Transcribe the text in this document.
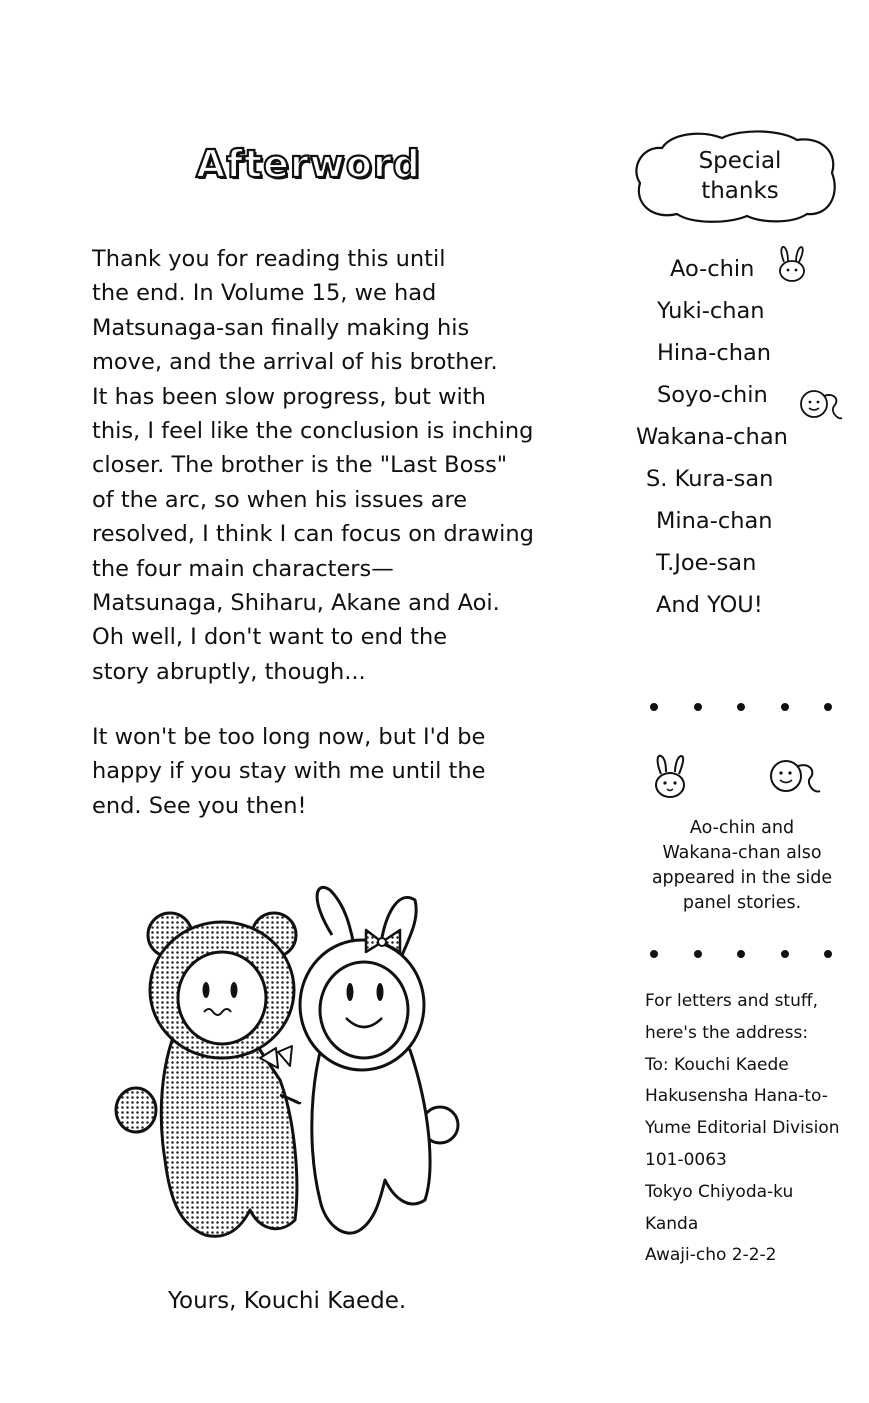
Afterword

Thank you for reading this until
the end. In Volume 15, we had
Matsunaga-san finally making his
move, and the arrival of his brother.
It has been slow progress, but with
this, I feel like the conclusion is inching
closer. The brother is the "Last Boss"
of the arc, so when his issues are
resolved, I think I can focus on drawing
the four main characters—
Matsunaga, Shiharu, Akane and Aoi.
Oh well, I don't want to end the
story abruptly, though...

It won't be too long now, but I'd be
happy if you stay with me until the
end. See you then!

Yours, Kouchi Kaede.
Special
thanks
Ao-chin
Yuki-chan
Hina-chan
Soyo-chin
Wakana-chan
S. Kura-san
Mina-chan
T.Joe-san
And YOU!
Ao-chin and
Wakana-chan also
appeared in the side
panel stories.
For letters and stuff,
here's the address:
To: Kouchi Kaede
Hakusensha Hana-to-
Yume Editorial Division
101-0063
Tokyo Chiyoda-ku
Kanda
Awaji-cho 2-2-2
